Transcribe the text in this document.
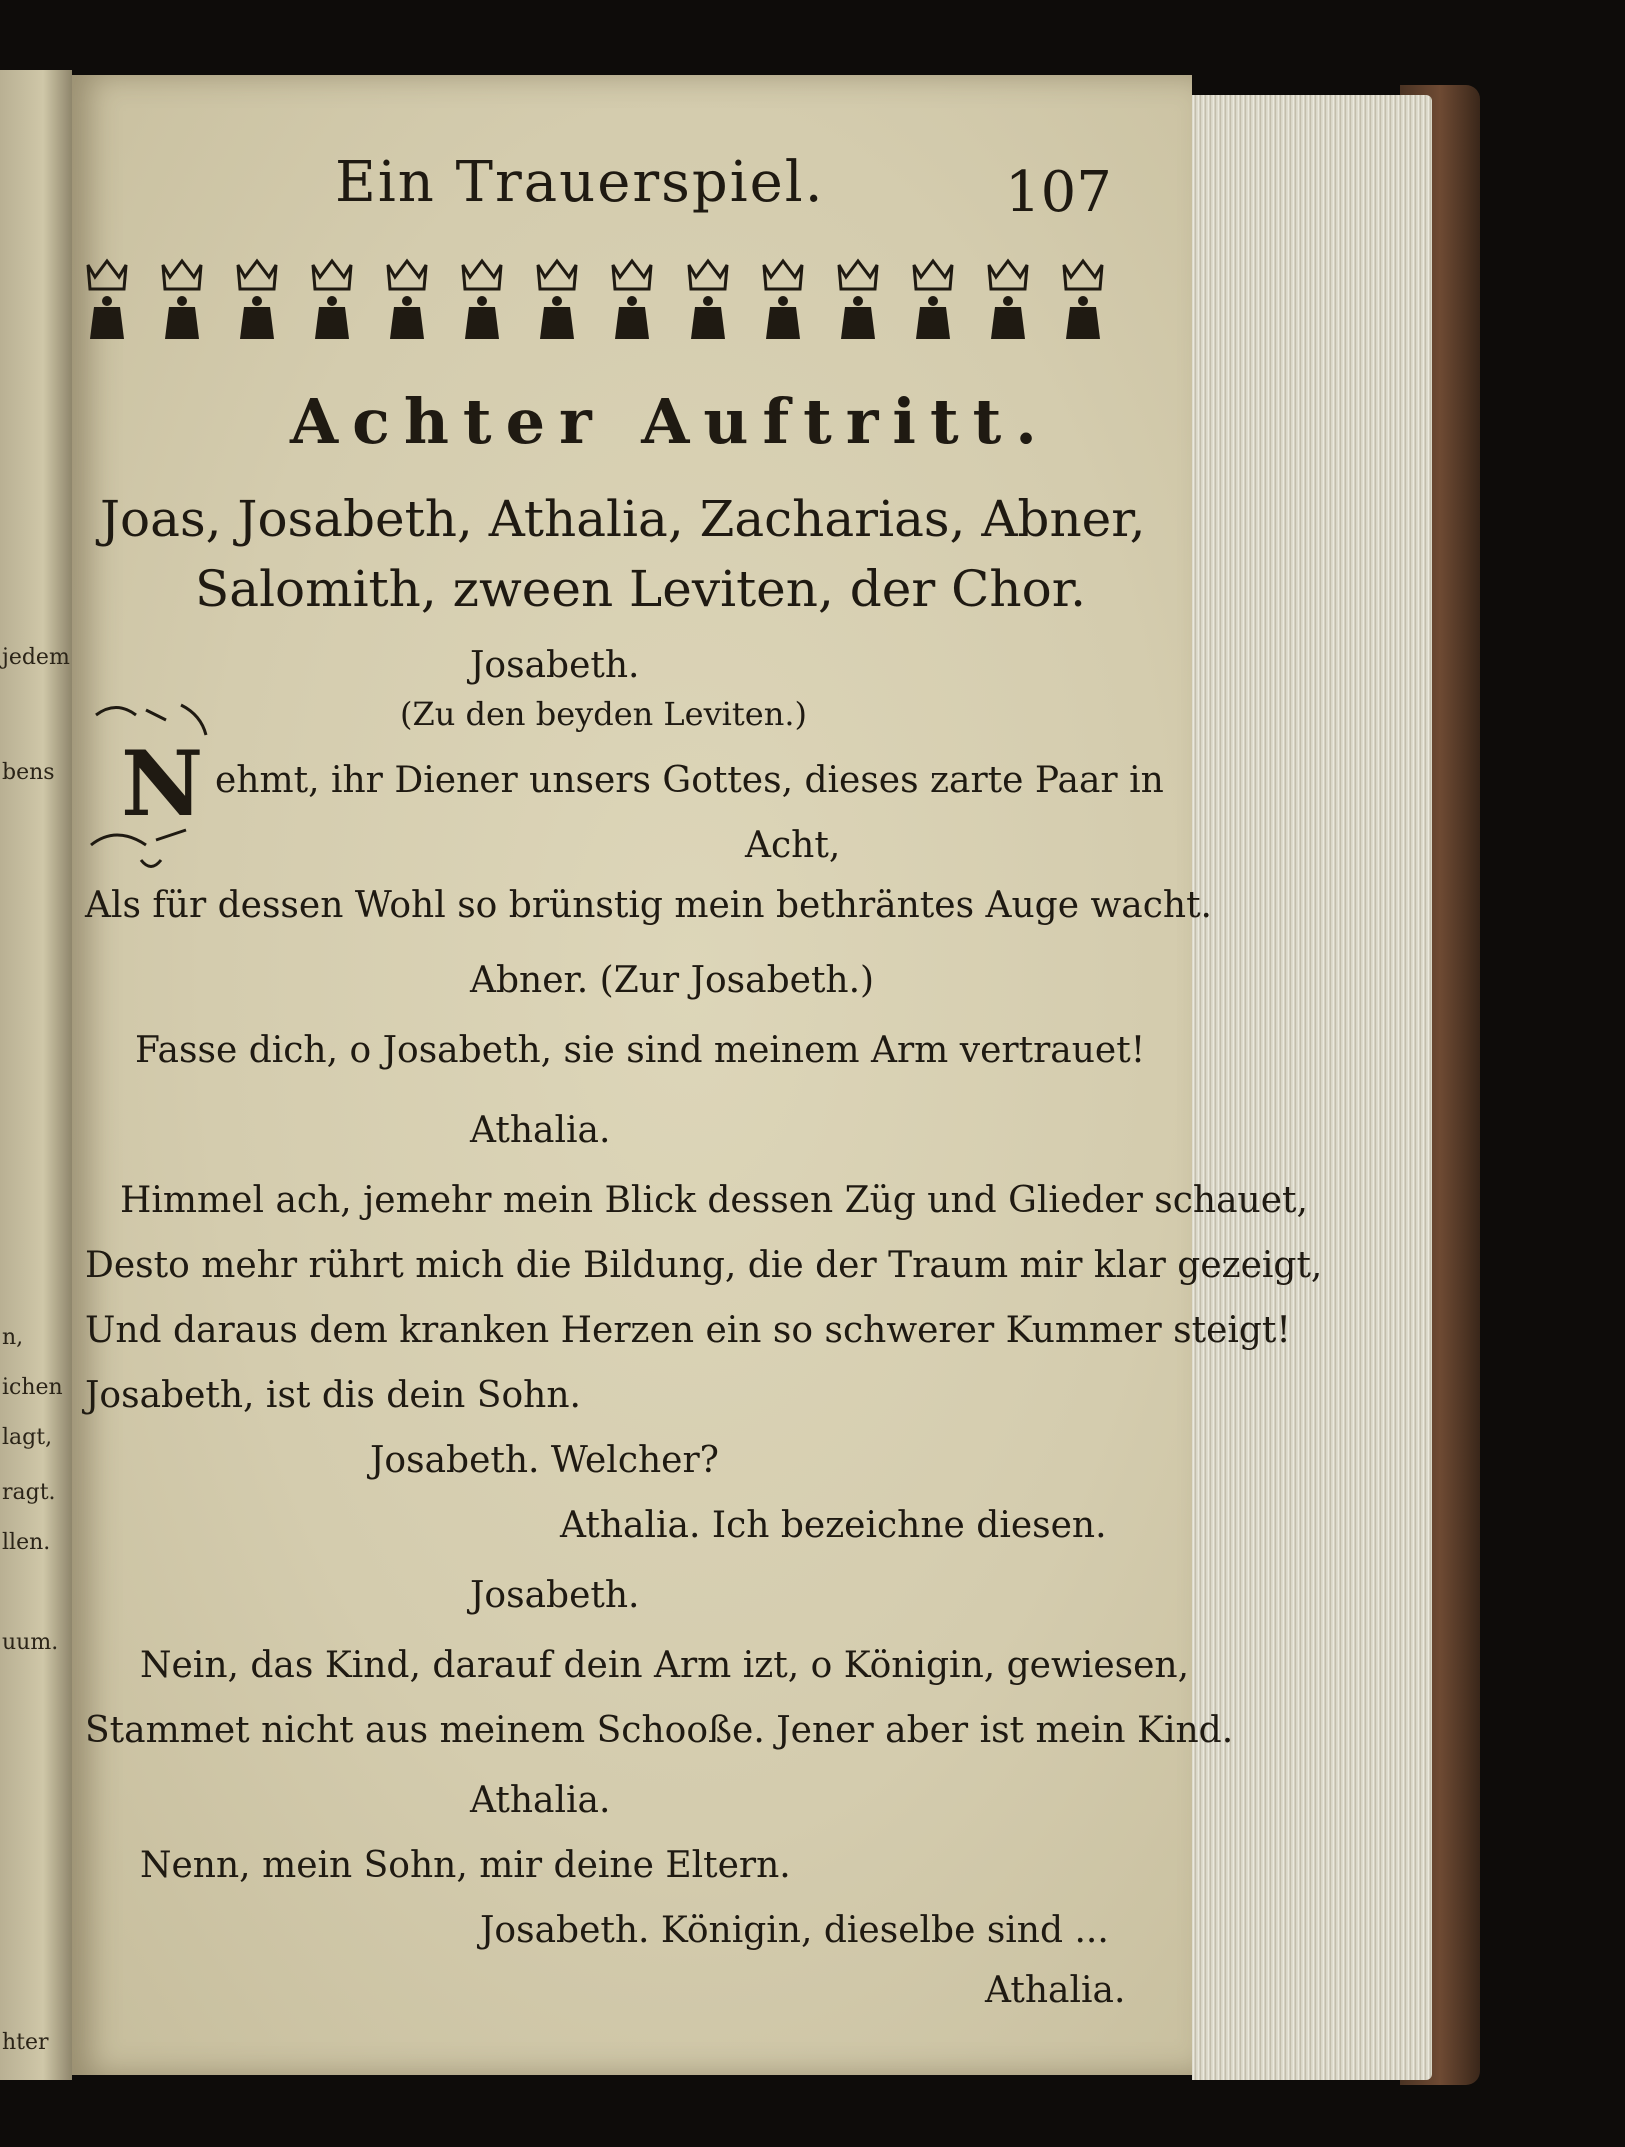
jedem
bens
n,
ichen
lagt,
ragt.
llen.
uum.
hter
Ein Trauerspiel.	107
Achter Auftritt.
Joas, Josabeth, Athalia, Zacharias, Abner,
Salomith, zween Leviten, der Chor.
Josabeth.
(Zu den beyden Leviten.)
N ehmt, ihr Diener unsers Gottes, dieses zarte Paar in
Acht,
Als für dessen Wohl so brünstig mein bethräntes Auge wacht.
Abner. (Zur Josabeth.)
Fasse dich, o Josabeth, sie sind meinem Arm vertrauet!
Athalia.
Himmel ach, jemehr mein Blick dessen Züg und Glieder schauet,
Desto mehr rührt mich die Bildung, die der Traum mir klar gezeigt,
Und daraus dem kranken Herzen ein so schwerer Kummer steigt!
Josabeth, ist dis dein Sohn.
Josabeth. Welcher?
Athalia. Ich bezeichne diesen.
Josabeth.
Nein, das Kind, darauf dein Arm izt, o Königin, gewiesen,
Stammet nicht aus meinem Schooße. Jener aber ist mein Kind.
Athalia.
Nenn, mein Sohn, mir deine Eltern.
Josabeth. Königin, dieselbe sind ...
Athalia.
